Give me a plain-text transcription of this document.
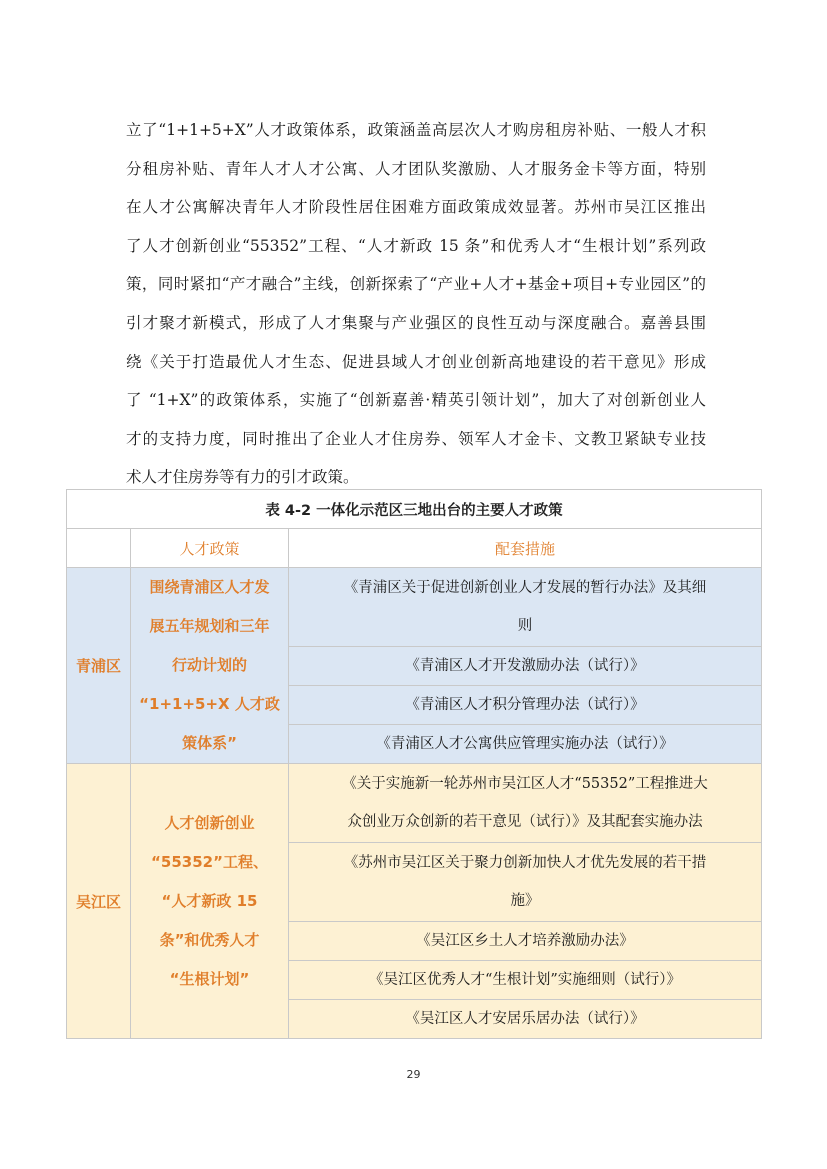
立了“1+1+5+X”人才政策体系，政策涵盖高层次人才购房租房补贴、一般人才积
分租房补贴、青年人才人才公寓、人才团队奖激励、人才服务金卡等方面，特别
在人才公寓解决青年人才阶段性居住困难方面政策成效显著。苏州市吴江区推出
了人才创新创业“55352”工程、“人才新政 15 条”和优秀人才“生根计划”系列政
策，同时紧扣“产才融合”主线，创新探索了“产业+人才+基金+项目+专业园区”的
引才聚才新模式，形成了人才集聚与产业强区的良性互动与深度融合。嘉善县围
绕《关于打造最优人才生态、促进县域人才创业创新高地建设的若干意见》形成
了 “1+X”的政策体系，实施了“创新嘉善·精英引领计划”，加大了对创新创业人
才的支持力度，同时推出了企业人才住房券、领军人才金卡、文教卫紧缺专业技
术人才住房券等有力的引才政策。
表 4-2 一体化示范区三地出台的主要人才政策		
	人才政策	配套措施
青浦区	围绕青浦区人才发
展五年规划和三年
行动计划的
“1+1+5+X 人才政
策体系”	《青浦区关于促进创新创业人才发展的暂行办法》及其细
则

		《青浦区人才开发激励办法（试行）》

		《青浦区人才积分管理办法（试行）》

		《青浦区人才公寓供应管理实施办法（试行）》

吴江区	人才创新创业
“55352”工程、
“人才新政 15
条”和优秀人才
“生根计划”	《关于实施新一轮苏州市吴江区人才“55352”工程推进大
众创业万众创新的若干意见（试行）》及其配套实施办法

		《苏州市吴江区关于聚力创新加快人才优先发展的若干措
施》

		《吴江区乡土人才培养激励办法》

		《吴江区优秀人才“生根计划”实施细则（试行）》

		《吴江区人才安居乐居办法（试行）》
29
